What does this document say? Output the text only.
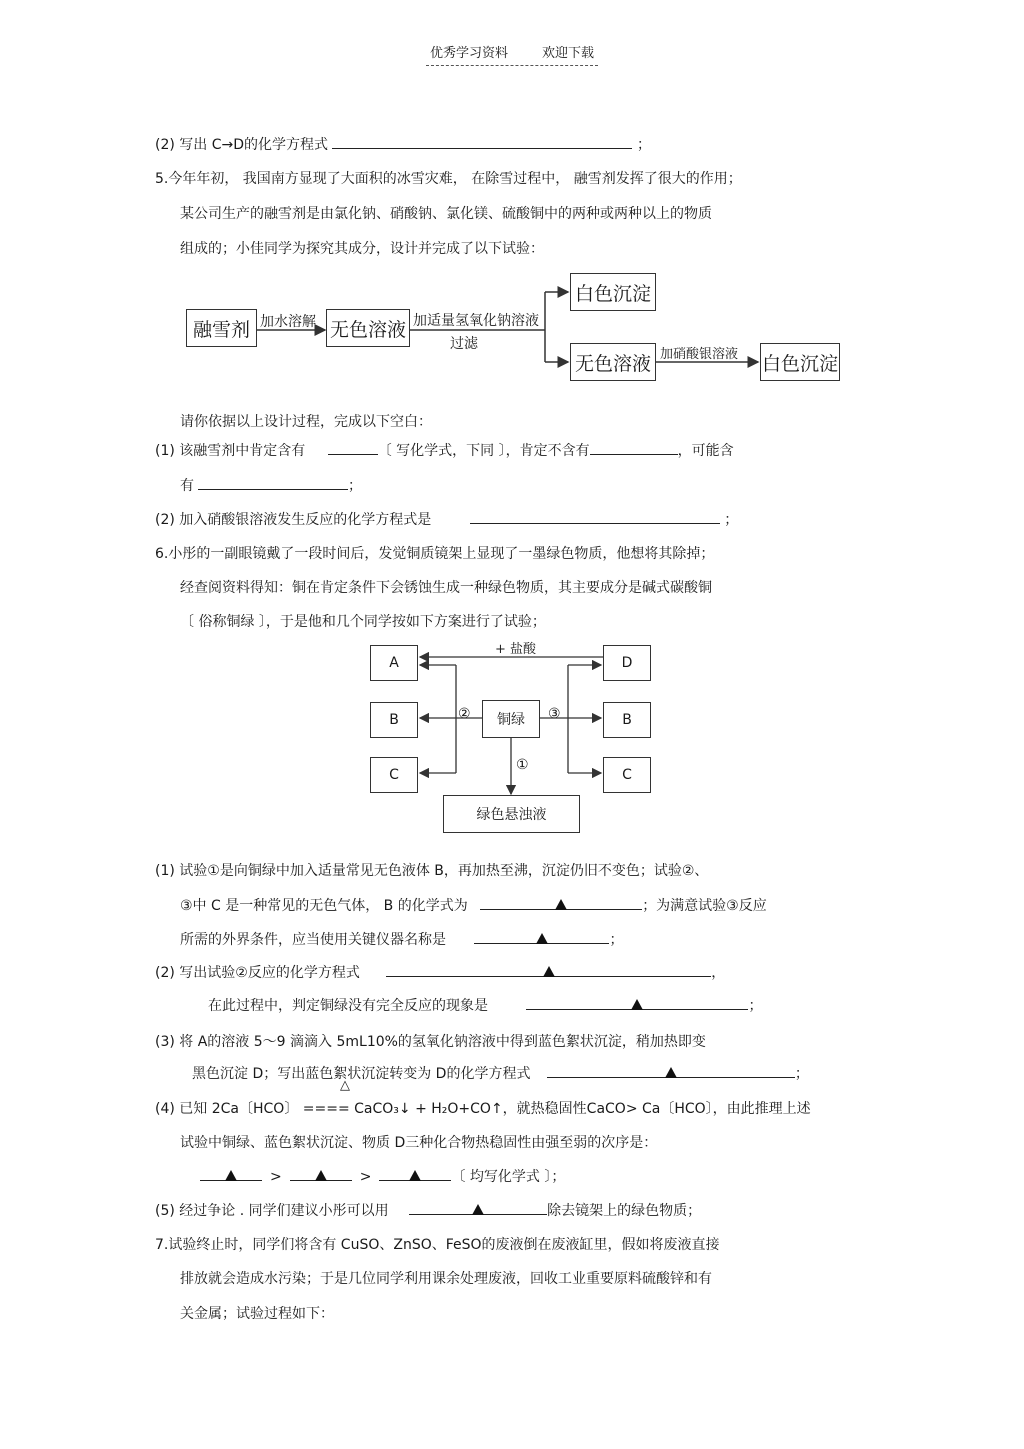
优秀学习资料	欢迎下载
(2) 写出 C→D的化学方程式	；
5.今年年初， 我国南方显现了大面积的冰雪灾难， 在除雪过程中， 融雪剂发挥了很大的作用；
某公司生产的融雪剂是由氯化钠、硝酸钠、氯化镁、硫酸铜中的两种或两种以上的物质
组成的；小佳同学为探究其成分，设计并完成了以下试验：
融雪剂 加水溶解 无色溶液 加适量氢氧化钠溶液
过滤
白色沉淀
无色溶液 加硝酸银溶液 白色沉淀
请你依据以上设计过程，完成以下空白：
(1) 该融雪剂中肯定含有	〔 写化学式，下同 〕，肯定不含有	，可能含
有	；
(2) 加入硝酸银溶液发生反应的化学方程式是	；
6.小彤的一副眼镜戴了一段时间后，发觉铜质镜架上显现了一墨绿色物质，他想将其除掉；
经查阅资料得知：铜在肯定条件下会锈蚀生成一种绿色物质，其主要成分是碱式碳酸铜
〔 俗称铜绿 〕，于是他和几个同学按如下方案进行了试验；
A
B
C
D
B
C
铜绿
绿色悬浊液
+ 盐酸
②	③
①
(1) 试验①是向铜绿中加入适量常见无色液体 B，再加热至沸，沉淀仍旧不变色；试验②、
③中 C 是一种常见的无色气体， B 的化学式为	；为满意试验③反应
所需的外界条件，应当使用关键仪器名称是	；
(2) 写出试验②反应的化学方程式	，
在此过程中，判定铜绿没有完全反应的现象是	；
(3) 将 A的溶液 5～9 滴滴入 5mL10%的氢氧化钠溶液中得到蓝色絮状沉淀，稍加热即变
黑色沉淀 D；写出蓝色絮状沉淀转变为 D的化学方程式	；
△
(4) 已知 2Ca〔HCO〕 ==== CaCO₃↓ + H₂O+CO↑，就热稳固性CaCO> Ca〔HCO〕，由此推理上述
试验中铜绿、蓝色絮状沉淀、物质 D三种化合物热稳固性由强至弱的次序是：
>	>	〔 均写化学式 〕；
(5) 经过争论 . 同学们建议小彤可以用	除去镜架上的绿色物质；
7.试验终止时，同学们将含有 CuSO、ZnSO、FeSO的废液倒在废液缸里，假如将废液直接
排放就会造成水污染；于是几位同学利用课余处理废液，回收工业重要原料硫酸锌和有
关金属；试验过程如下：
